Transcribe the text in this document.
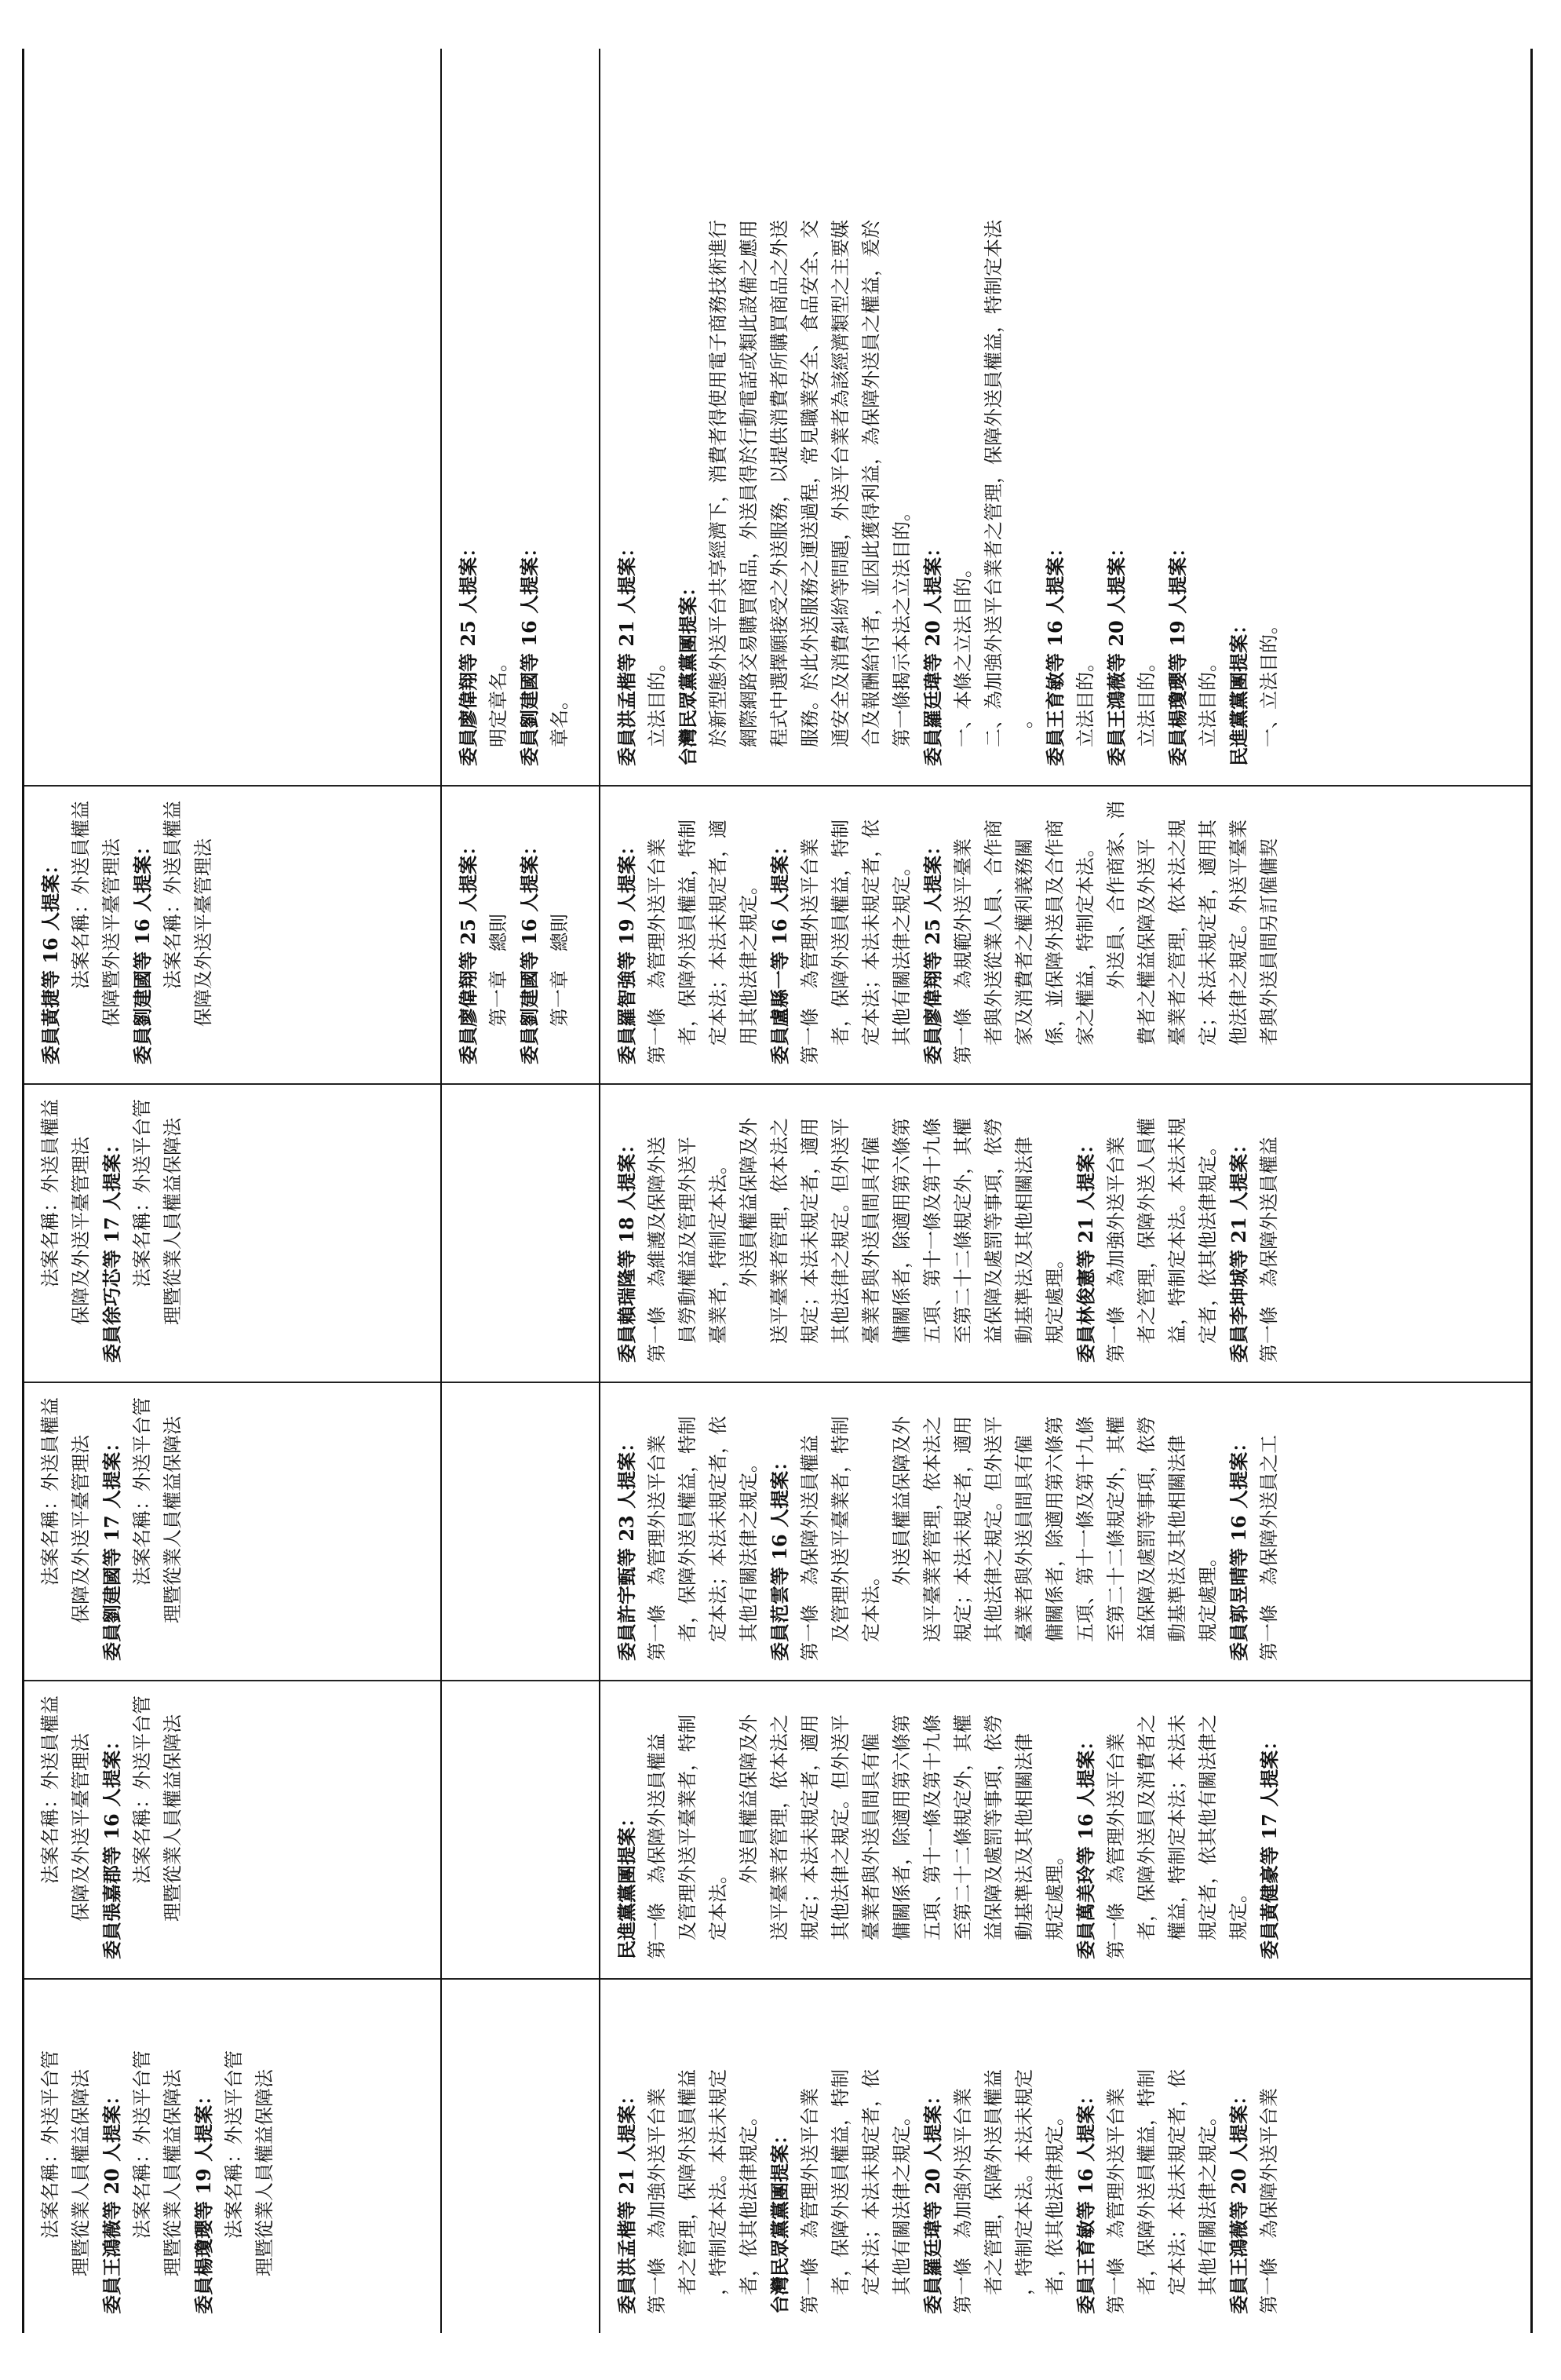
法案名稱：外送平台管 理暨從業人員權益保障法 委員王鴻薇等 20 人提案： 法案名稱：外送平台管 理暨從業人員權益保障法 委員楊瓊瓔等 19 人提案： 法案名稱：外送平台管 理暨從業人員權益保障法
法案名稱：外送員權益 保障及外送平臺管理法 委員張嘉郡等 16 人提案： 法案名稱：外送平台管 理暨從業人員權益保障法
法案名稱：外送員權益 保障及外送平臺管理法 委員劉建國等 17 人提案： 法案名稱：外送平台管 理暨從業人員權益保障法
法案名稱：外送員權益 保障及外送平臺管理法 委員徐巧芯等 17 人提案： 法案名稱：外送平台管 理暨從業人員權益保障法
委員黃捷等 16 人提案： 法案名稱：外送員權益 保障暨外送平臺管理法 委員劉建國等 16 人提案： 法案名稱：外送員權益 保障及外送平臺管理法	委員廖偉翔等 25 人提案： 第一章　總則 委員劉建國等 16 人提案： 第一章　總則
委員廖偉翔等 25 人提案： 明定章名。 委員劉建國等 16 人提案： 章名。
委員洪孟楷等 21 人提案： 第一條　為加強外送平台業 者之管理，保障外送員權益 ，特制定本法。本法未規定 者，依其他法律規定。 台灣民眾黨黨團提案： 第一條　為管理外送平台業 者，保障外送員權益，特制 定本法；本法未規定者，依 其他有關法律之規定。 委員羅廷瑋等 20 人提案： 第一條　為加強外送平台業 者之管理，保障外送員權益 ，特制定本法。本法未規定 者，依其他法律規定。 委員王育敏等 16 人提案： 第一條　為管理外送平台業 者，保障外送員權益，特制 定本法；本法未規定者，依 其他有關法律之規定。 委員王鴻薇等 20 人提案： 第一條　為保障外送平台業
民進黨黨團提案： 第一條　為保障外送員權益 及管理外送平臺業者，特制 定本法。
外送員權益保障及外 送平臺業者管理，依本法之 規定；本法未規定者，適用 其他法律之規定。但外送平 臺業者與外送員間具有僱 傭關係者，除適用第六條第 五項、第十一條及第十九條 至第二十二條規定外，其權 益保障及處罰等事項，依勞 動基準法及其他相關法律 規定處理。 委員萬美玲等 16 人提案： 第一條　為管理外送平台業 者，保障外送員及消費者之 權益，特制定本法；本法未 規定者，依其他有關法律之 規定。 委員黃健豪等 17 人提案：
委員許宇甄等 23 人提案： 第一條　為管理外送平台業 者，保障外送員權益，特制 定本法；本法未規定者，依 其他有關法律之規定。 委員范雲等 16 人提案： 第一條　為保障外送員權益 及管理外送平臺業者，特制 定本法。
外送員權益保障及外 送平臺業者管理，依本法之 規定；本法未規定者，適用 其他法律之規定。但外送平 臺業者與外送員間具有僱 傭關係者，除適用第六條第 五項、第十一條及第十九條 至第二十二條規定外，其權 益保障及處罰等事項，依勞 動基準法及其他相關法律 規定處理。 委員郭昱晴等 16 人提案： 第一條　為保障外送員之工
委員賴瑞隆等 18 人提案： 第一條　為維護及保障外送 員勞動權益及管理外送平 臺業者，特制定本法。 外送員權益保障及外 送平臺業者管理，依本法之 規定；本法未規定者，適用 其他法律之規定。但外送平 臺業者與外送員間具有僱 傭關係者，除適用第六條第 五項、第十一條及第十九條 至第二十二條規定外，其權 益保障及處罰等事項，依勞 動基準法及其他相關法律 規定處理。 委員林俊憲等 21 人提案： 第一條　為加強外送平台業 者之管理，保障外送人員權 益，特制定本法。本法未規 定者，依其他法律規定。 委員李坤城等 21 人提案： 第一條　為保障外送員權益
委員羅智強等 19 人提案： 第一條　為管理外送平台業 者，保障外送員權益，特制 定本法；本法未規定者，適 用其他法律之規定。 委員盧縣一等 16 人提案： 第一條　為管理外送平台業 者，保障外送員權益，特制 定本法；本法未規定者，依 其他有關法律之規定。 委員廖偉翔等 25 人提案： 第一條　為規範外送平臺業 者與外送從業人員、合作商 家及消費者之權利義務關 係，並保障外送員及合作商 家之權益，特制定本法。 外送員、合作商家、消 費者之權益保障及外送平 臺業者之管理，依本法之規 定；本法未規定者，適用其 他法律之規定。外送平臺業 者與外送員間另訂僱傭契
委員洪孟楷等 21 人提案： 立法目的。 台灣民眾黨黨團提案： 於新型態外送平台共享經濟下，消費者得使用電子商務技術進行 網際網路交易購買商品，外送員得於行動電話或類此設備之應用 程式中選擇願接受之外送服務，以提供消費者所購買商品之外送 服務。於此外送服務之運送過程，常見職業安全、食品安全、交 通安全及消費糾紛等問題，外送平台業者為該經濟類型之主要媒 合及報酬給付者，並因此獲得利益，為保障外送員之權益，爰於 第一條揭示本法之立法目的。 委員羅廷瑋等 20 人提案： 一、本條之立法目的。 二、為加強外送平台業者之管理，保障外送員權益，特制定本法 。 委員王育敏等 16 人提案： 立法目的。 委員王鴻薇等 20 人提案： 立法目的。 委員楊瓊瓔等 19 人提案： 立法目的。 民進黨黨團提案： 一、立法目的。
